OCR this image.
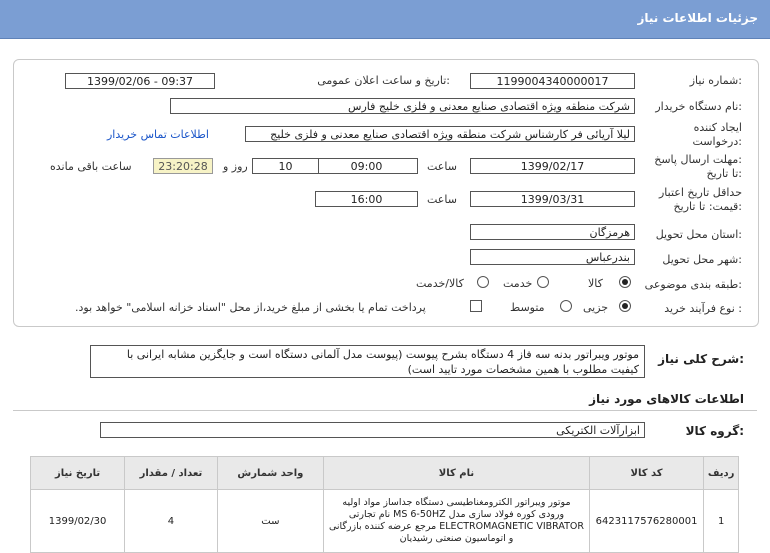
جزئیات اطلاعات نیاز
شماره نیاز:
1199004340000017
تاریخ و ساعت اعلان عمومی:
1399/02/06 - 09:37
نام دستگاه خریدار:
شرکت منطقه ویژه اقتصادی صنایع معدنی و فلزی خلیج فارس
ایجاد کننده
درخواست:
لیلا آریائی فر کارشناس شرکت منطقه ویژه اقتصادی صنایع معدنی و فلزی خلیج
اطلاعات تماس خریدار
مهلت ارسال پاسخ:
تا تاریخ:
1399/02/17
ساعت
09:00
10
روز و
23:20:28
ساعت باقی مانده
حداقل تاریخ اعتبار
قیمت: تا تاریخ:
1399/03/31
ساعت
16:00
استان محل تحویل:
هرمزگان
شهر محل تحویل:
بندرعباس
طبقه بندی موضوعی:
کالا
خدمت
کالا/خدمت
نوع فرآیند خرید :
جزیی
متوسط
پرداخت تمام یا بخشی از مبلغ خرید،از محل "اسناد خزانه اسلامی" خواهد بود.
شرح کلی نیاز:
موتور ویبراتور بدنه سه فاز 4 دستگاه بشرح پیوست (پیوست مدل آلمانی دستگاه است و جایگزین مشابه ایرانی با کیفیت مطلوب با همین مشخصات مورد تایید است)
اطلاعات کالاهای مورد نیاز
گروه کالا:
ابزارآلات الکتریکی
ردیف	کد کالا	نام کالا	واحد شمارش	تعداد / مقدار	تاریخ نیاز
1	6423117576280001	موتور ویبراتور الکترومغناطیسی دستگاه جداساز مواد اولیه
ورودی کوره فولاد سازی مدل MS 6-50HZ نام تجارتی
ELECTROMAGNETIC VIBRATOR مرجع عرضه کننده بازرگانی
و اتوماسیون صنعتی رشیدیان	ست	4	1399/02/30
